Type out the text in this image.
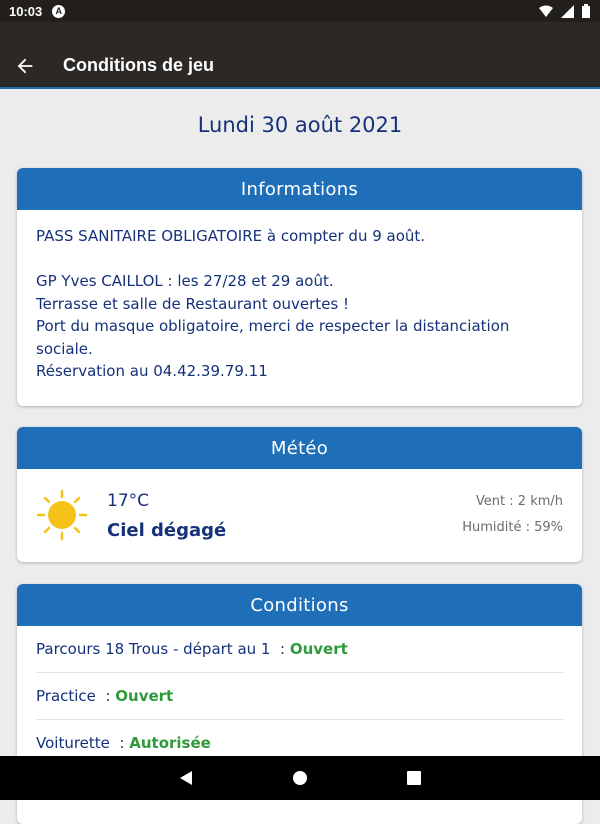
10:03	A
Conditions de jeu
Lundi 30 août 2021
Informations

PASS SANITAIRE OBLIGATOIRE à compter du 9 août.

GP Yves CAILLOL : les 27/28 et 29 août.

Terrasse et salle de Restaurant ouvertes !

Port du masque obligatoire, merci de respecter la distanciation sociale.

Réservation au 04.42.39.79.11

Météo
17°C
Ciel dégagé
Vent : 2 km/h
Humidité : 59%
Conditions
Parcours 18 Trous - départ au 1  : Ouvert
Practice  : Ouvert
Voiturette  : Autorisée
